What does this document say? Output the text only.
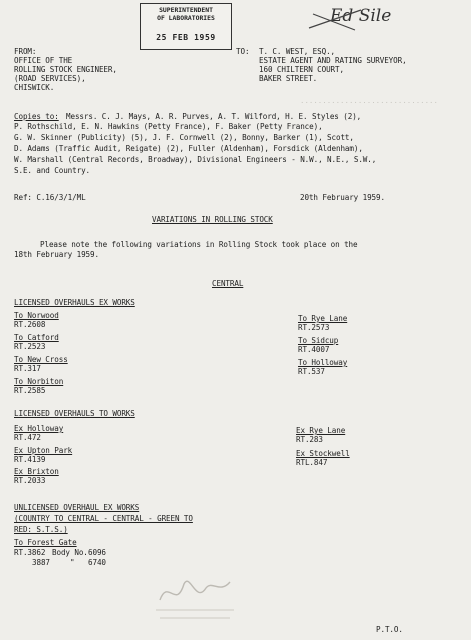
·······························
SUPERINTENDENT
OF LABORATORIES
25 FEB 1959
Ed Sile
FROM:
OFFICE OF THE
ROLLING STOCK ENGINEER,
(ROAD SERVICES),
CHISWICK.
TO: T. C. WEST, ESQ.,
ESTATE AGENT AND RATING SURVEYOR,
160 CHILTERN COURT,
BAKER STREET.
Copies to: Messrs. C. J. Mays, A. R. Purves, A. T. Wilford, H. E. Styles (2),
P. Rothschild, E. N. Hawkins (Petty France), F. Baker (Petty France),
G. W. Skinner (Publicity) (5), J. F. Cornwell (2), Bonny, Barker (1), Scott,
D. Adams (Traffic Audit, Reigate) (2), Fuller (Aldenham), Forsdick (Aldenham),
W. Marshall (Central Records, Broadway), Divisional Engineers - N.W., N.E., S.W.,
S.E. and Country.
Ref: C.16/3/1/ML	20th February 1959.
VARIATIONS IN ROLLING STOCK
Please note the following variations in Rolling Stock took place on the
18th February 1959.
CENTRAL
LICENSED OVERHAULS EX WORKS
To Norwood
RT.2608
To Catford
RT.2523
To New Cross
RT.317
To Norbiton
RT.2585
To Rye Lane
RT.2573
To Sidcup
RT.4007
To Holloway
RT.537
LICENSED OVERHAULS TO WORKS
Ex Holloway
RT.472
Ex Upton Park
RT.4139
Ex Brixton
RT.2033
Ex Rye Lane
RT.283
Ex Stockwell
RTL.847
UNLICENSED OVERHAUL EX WORKS
(COUNTRY TO CENTRAL - CENTRAL - GREEN TO
RED: S.T.S.)
To Forest Gate
RT.3862 Body No. 6096
3887	" 6740
P.T.O.
